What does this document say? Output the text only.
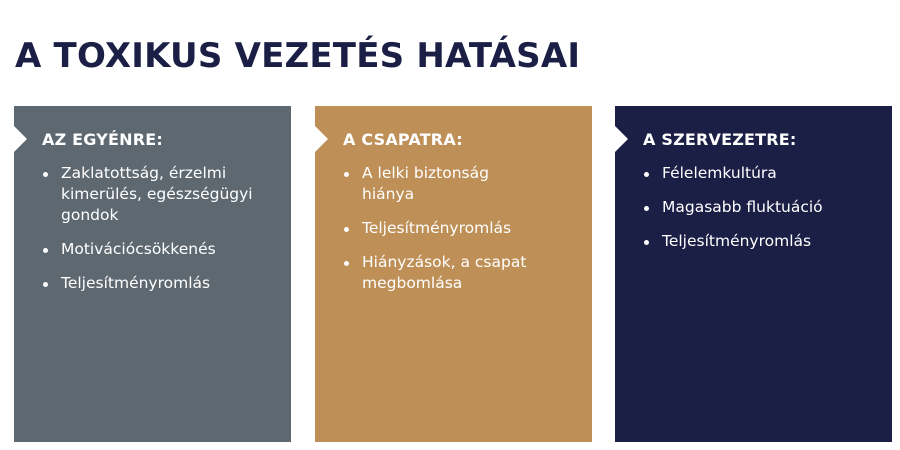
A TOXIKUS VEZETÉS HATÁSAI
AZ EGYÉNRE:
Zaklatottság, érzelmi kimerülés, egészségügyi gondok
Motivációcsökkenés
Teljesítményromlás
A CSAPATRA:
A lelki biztonság hiánya
Teljesítményromlás
Hiányzások, a csapat megbomlása
A SZERVEZETRE:
Félelemkultúra
Magasabb fluktuáció
Teljesítményromlás
